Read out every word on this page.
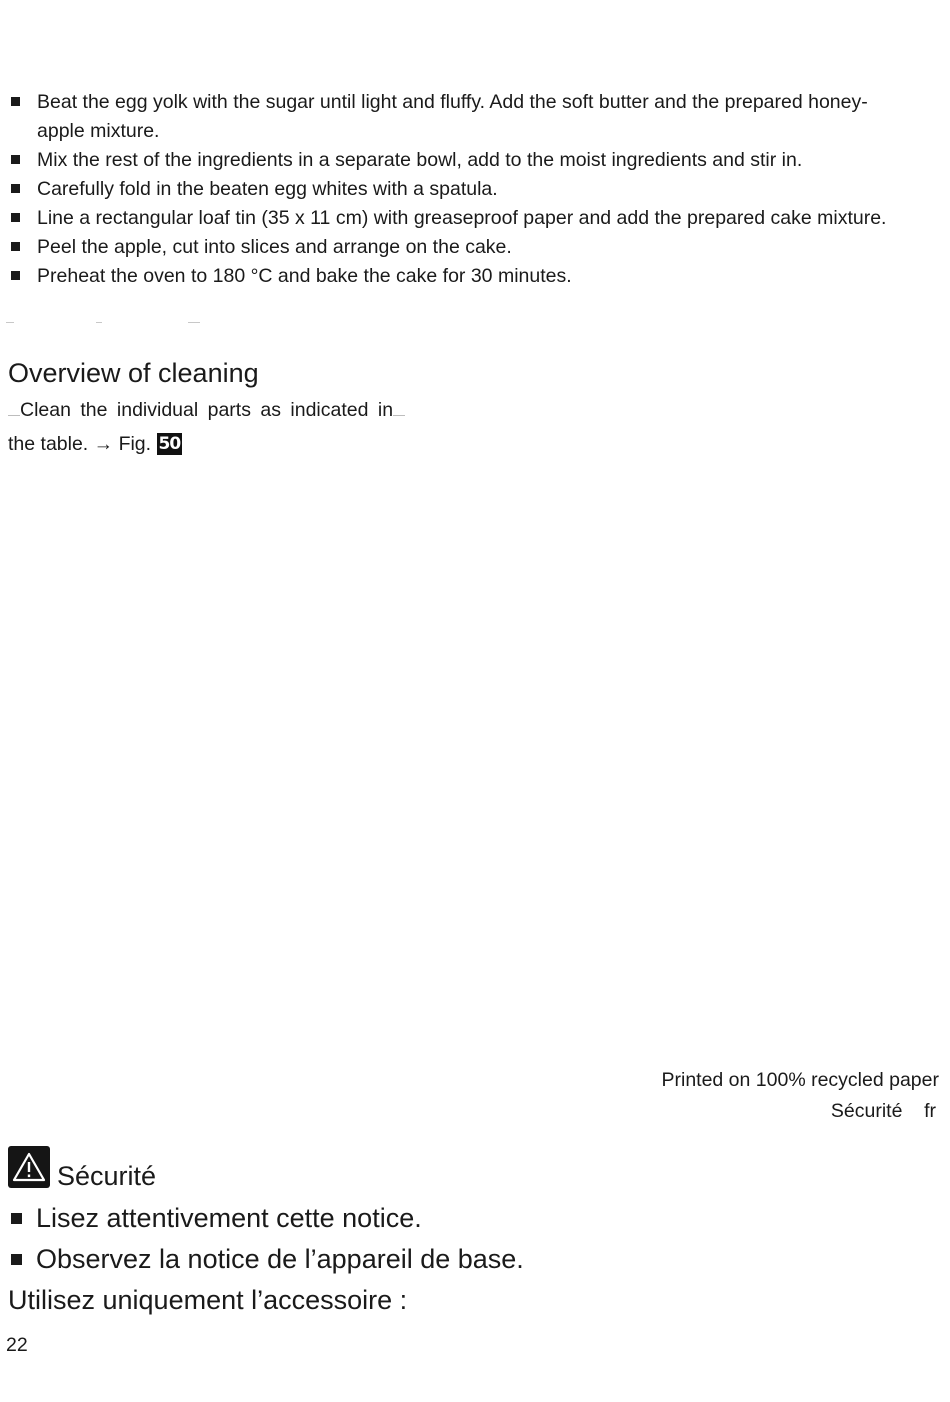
Beat the egg yolk with the sugar until light and fluffy. Add the soft butter and the prepared honey-apple mixture.
Mix the rest of the ingredients in a separate bowl, add to the moist ingredients and stir in.
Carefully fold in the beaten egg whites with a spatula.
Line a rectangular loaf tin (35 x 11 cm) with greaseproof paper and add the prepared cake mixture.
Peel the apple, cut into slices and arrange on the cake.
Preheat the oven to 180 °C and bake the cake for 30 minutes.
Overview of cleaning
Clean the individual parts as indicated in
the table. → Fig. 50
Printed on 100% recycled paper
Sécurité    fr
Sécurité
Lisez attentivement cette notice.
Observez la notice de l’appareil de base.
Utilisez uniquement l’accessoire :
22
